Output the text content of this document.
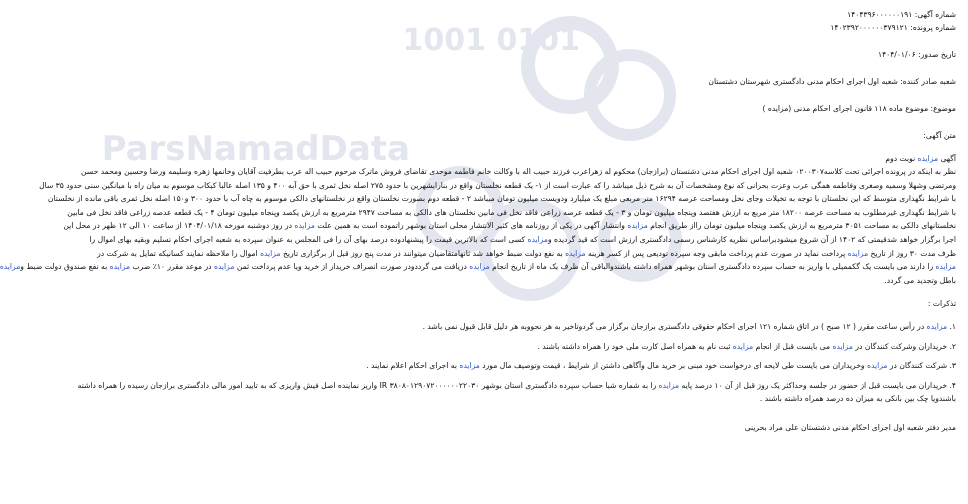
0101 1001
ParsNamadData
شماره آگهی: ۱۴۰۴۳۹۶۰۰۰۰۰۰۱۹۱
شماره پرونده: ۱۴۰۲۳۹۲۰۰۰۰۰۰۳۷۹۱۲۱
تاریخ صدور: ۱۴۰۴/۰۱/۰۶
شعبه صادر کننده: شعبه اول اجرای احکام مدنی دادگستری شهرستان دشتستان
موضوع: موضوع ماده ۱۱۸ قانون اجرای احکام مدنی (مزایده )
متن آگهی:
آگهی مزایده نوبت دوم
نظر به اینکه در پرونده اجرائی تحت کلاسه۰۲۰۰۳۰۷ شعبه اول اجرای احکام مدنی دشتستان (برازجان) محکوم له زهراعرب فرزند حبیب اله با وکالت خانم فاطمه موحدی تقاضای فروش ماترک مرحوم حبیب اله عرب بطرفیت آقایان وخانمها زهره وسلیمه ورضا وحسین ومحمد حسن
ومرتضی وشهلا وسمیه وصغری وفاطمه همگی عرب وعزت بحرانی که نوع ومشخصات آن به شرح ذیل میباشد را که عبارت است از ۱- یک قطعه نخلستان واقع در بنارابشهرین با حدود ۲۷۵ اصله نخل ثمری با حق آبه ۴۰۰ و ۱۳۵ اصله عالبا کبکاب موسوم به میان راه با میانگین سنی حدود ۳۵ سال
با شرایط نگهداری متوسط که این نخلستان با توجه به تخیلات وجای نخل ومساحت عرصه ۱۶۲۹۴ متر مربعی مبلغ یک میلیارد ودویست میلیون تومان میباشد ۲ - قطعه دوم بصورت نخلستان واقع در نخلستانهای دالکی موسوم به چاه آب با حدود ۳۰۰ و۱۵۰ اصله نخل ثمری باقی مانده از نخلستان
با شرایط نگهداری غیرمطلوب به مساحت عرصه ۱۸۲۰۰ متر مربع به ارزش هفتصد وپنجاه میلیون تومان و ۳ - یک قطعه عرصه زراعی فاقد نخل فی مابین نخلستان های دالکی به مساحت ۲۹۴۷ مترمربع به ارزش یکصد وپنجاه میلیون تومان ۴ - یک قطعه عدصه زراعی فاقد نخل فی مابین
نخلستانهای دالکی به مساحت ۳۰۵۱ مترمربع به ارزش یکصد وپنجاه میلیون تومان رااز طریق انجام مزایده وانتشار آگهی در یکی از روزنامه های کثیر الانتشار محلی استان بوشهر راتموده است به همین علت مزایده در روز دوشنبه مورخه ۱۴۰۴/۰۱/۱۸ از ساعت ۱۰ الی ۱۲ ظهر در محل این
اجرا برگزار خواهد شدقیمتی که ۱۴۰۲ از آن شروع میشودبراساس نظریه کارشناس رسمی دادگستری ارزش است که قید گردیده ومزایده کسی است که بالاترین قیمت را پیشنهادوده درصد بهای آن را فی المجلس به عنوان سپرده به شعبه اجرای احکام تسلیم وبقیه بهای اموال را
ظرف مدت ۳۰ روز از تاریخ مزایده پرداخت نماید در صورت عدم پرداخت مابقی وجه سپرده تودیعی پس از کسر هزینه مزایده به نفع دولت ضبط خواهد شد ثانهامتقاضیان میتوانند در مدت پنج روز قبل از برگزاری تاریخ مزایده اموال را ملاحظه نمایند کسانیکه تمایل به شرکت در
مزایده را دارند می بایست یک گکممیلی با واریز به حساب سپرده دادگستری استان بوشهر همراه داشته باشندوالباقی آن ظرف یک ماه از تاریخ انجام مزایده دریافت می گرددودر صورت انصراف خریدار از خرید ویا عدم پرداخت ثمن مزایده در موعد مقرر ۱۰٪ ضرب مزایده به نفع صندوق دولت ضبط ومزایده
باطل وتجدید می گردد.
تذکرات :
۱. مزایده در رأس ساعت مقرر ( ۱۲ صبح ) در اتاق شماره ۱۲۱ اجرای احکام حقوقی دادگستری برازجان برگزار می گردوتاخیر به هر نحووبه هر دلیل قابل قبول نمی باشد .
۲. خریداران وشرکت کنندگان در مزایده می بایست قبل از انجام مزایده ثبت نام به همراه اصل کارت ملی خود را همراه داشته باشند .
۳. شرکت کنندگان در مزایده وخریداران می بایست طی لایحه ای درخواست خود مبنی بر خرید مال وآگاهی داشتن از شرایط ، قیمت وتوصیف مال مورد مزایده به اجرای احکام اعلام نمایند .
۴. خریداران می بایست قبل از حضور در جلسه وحداکثر یک روز قبل از آن ۱۰ درصد پایه مزایده را به شماره شبا حساب سپرده دادگستری استان بوشهر ۳۸۰۸۰۱۲۹۰۷۲۰۰۰۰۰۰۲۲۰۳۰ IR واریز نماینده اصل فیش واریزی که به تایید امور مالی دادگستری برازجان رسیده را همراه داشته
باشندویا چک بین بانکی به میزان ده درصد همراه داشته باشند .
مدیر دفتر شعبه اول اجرای احکام مدنی دشتستان علی مراد بحرینی
